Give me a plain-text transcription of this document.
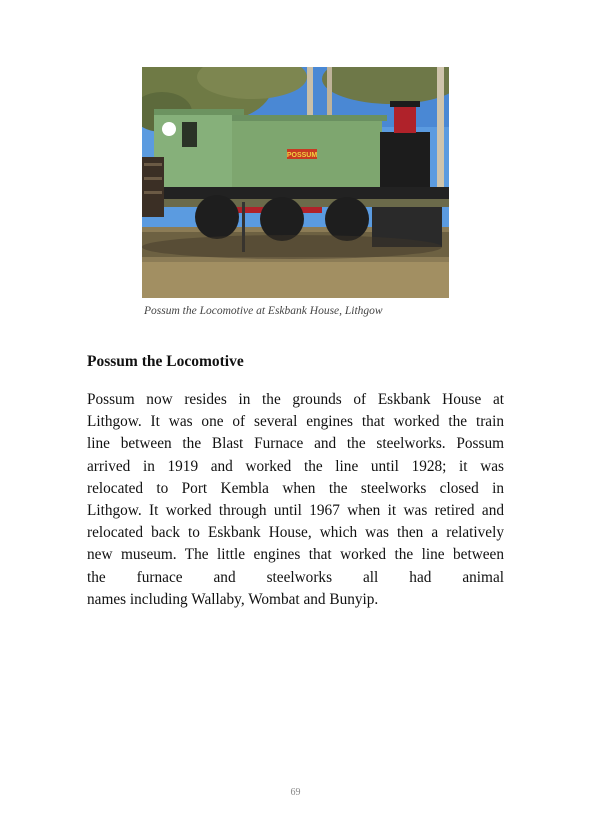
POSSUM
Possum the Locomotive at Eskbank House, Lithgow
Possum the Locomotive
Possum now resides in the grounds of Eskbank House at
Lithgow. It was one of several engines that worked the train
line between the Blast Furnace and the steelworks. Possum
arrived in 1919 and worked the line until 1928; it was
relocated to Port Kembla when the steelworks closed in
Lithgow. It worked through until 1967 when it was retired and
relocated back to Eskbank House, which was then a relatively
new museum. The little engines that worked the line between
the furnace and steelworks all had animal
names including Wallaby, Wombat and Bunyip.
69
